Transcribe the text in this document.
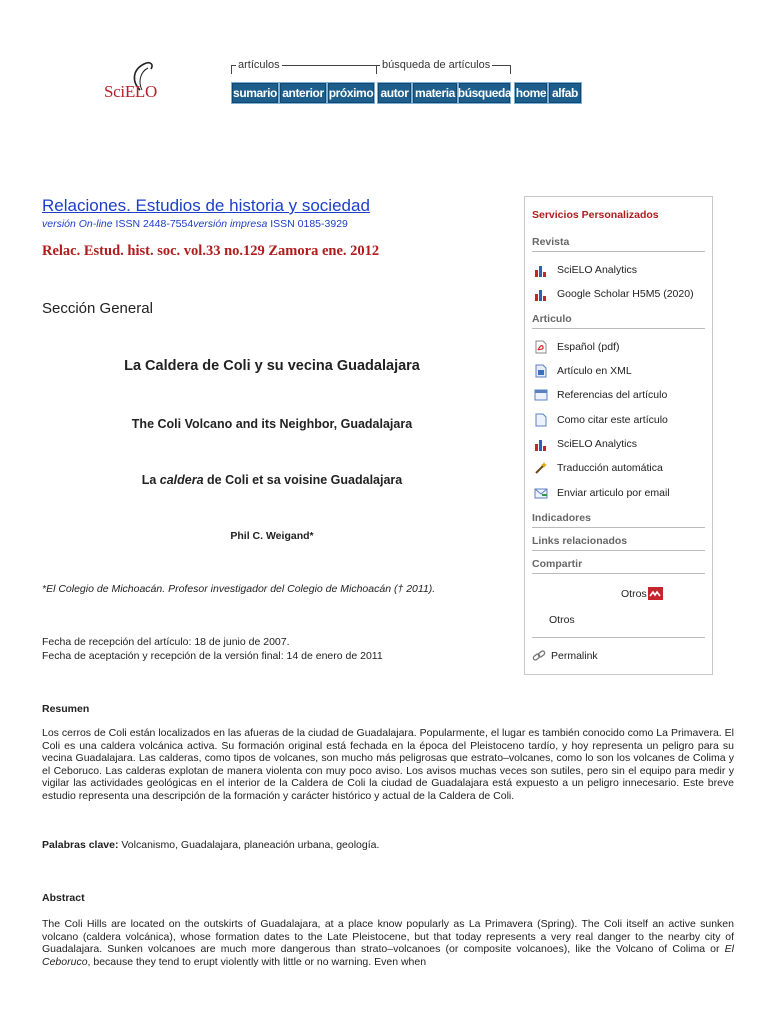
SciELO
artículos	búsqueda de artículos
sumario anterior próximo autor materia búsqueda home alfab
Relaciones. Estudios de historia y sociedad
versión On-line ISSN 2448-7554versión impresa ISSN 0185-3929
Relac. Estud. hist. soc. vol.33 no.129 Zamora ene. 2012
Sección General
La Caldera de Coli y su vecina Guadalajara
The Coli Volcano and its Neighbor, Guadalajara
La caldera de Coli et sa voisine Guadalajara
Phil C. Weigand*
*El Colegio de Michoacán. Profesor investigador del Colegio de Michoacán († 2011).
Fecha de recepción del artículo: 18 de junio de 2007.
Fecha de aceptación y recepción de la versión final: 14 de enero de 2011
Servicios Personalizados
Revista
SciELO Analytics
Google Scholar H5M5 (2020)
Articulo
Español (pdf)
Artículo en XML
Referencias del artículo
Como citar este artículo
SciELO Analytics
Traducción automática
Enviar articulo por email
Indicadores
Links relacionados
Compartir
Otros
Otros
Permalink
Resumen
Los cerros de Coli están localizados en las afueras de la ciudad de Guadalajara. Popularmente, el lugar es también conocido como La Primavera. El Coli es una caldera volcánica activa. Su formación original está fechada en la época del Pleistoceno tardío, y hoy representa un peligro para su vecina Guadalajara. Las calderas, como tipos de volcanes, son mucho más peligrosas que estrato–volcanes, como lo son los volcanes de Colima y el Ceboruco. Las calderas explotan de manera violenta con muy poco aviso. Los avisos muchas veces son sutiles, pero sin el equipo para medir y vigilar las actividades geológicas en el interior de la Caldera de Coli la ciudad de Guadalajara está expuesto a un peligro innecesario. Este breve estudio representa una descripción de la formación y carácter histórico y actual de la Caldera de Coli.
Palabras clave: Volcanismo, Guadalajara, planeación urbana, geología.
Abstract
The Coli Hills are located on the outskirts of Guadalajara, at a place know popularly as La Primavera (Spring). The Coli itself an active sunken volcano (caldera volcánica), whose formation dates to the Late Pleistocene, but that today represents a very real danger to the nearby city of Guadalajara. Sunken volcanoes are much more dangerous than strato–volcanoes (or composite volcanoes), like the Volcano of Colima or El Ceboruco, because they tend to erupt violently with little or no warning. Even when
